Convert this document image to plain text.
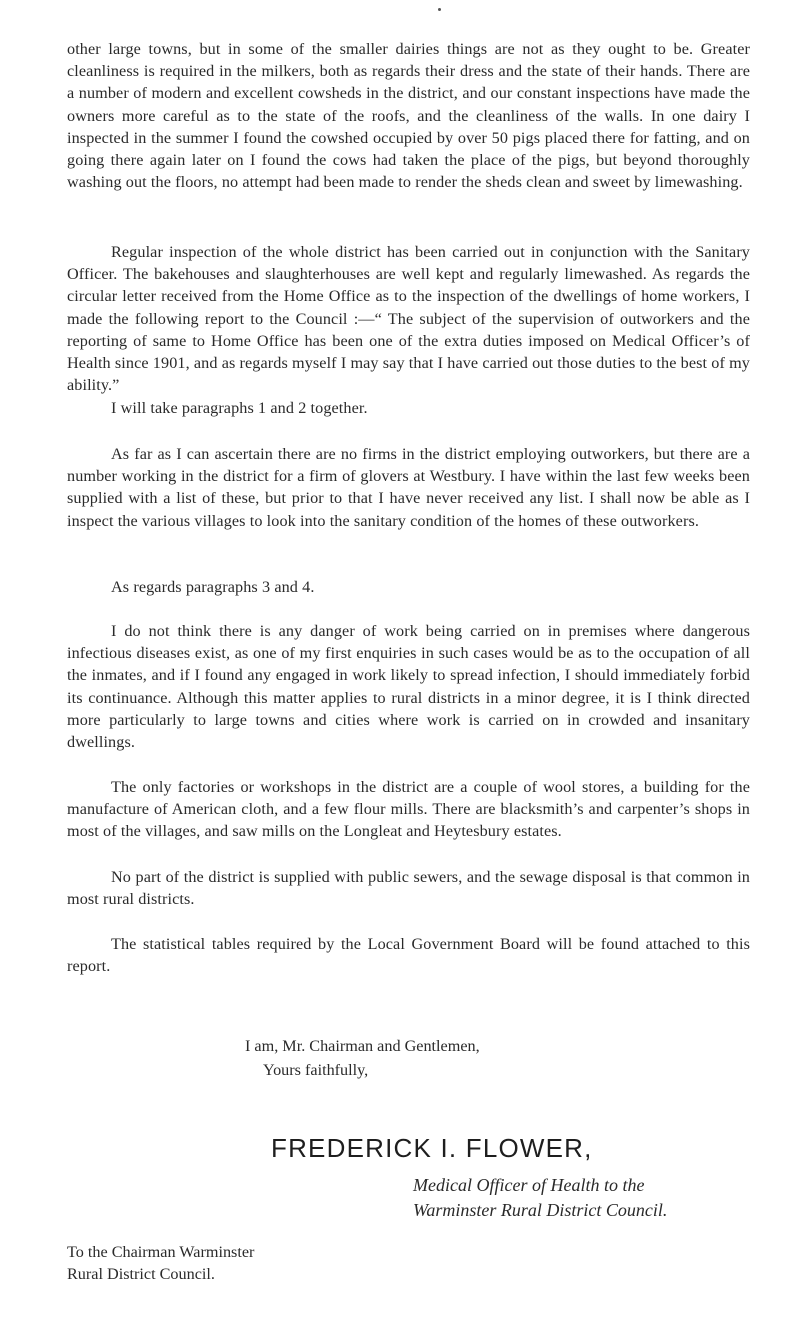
other large towns, but in some of the smaller dairies things are not as they ought to be. Greater cleanliness is required in the milkers, both as regards their dress and the state of their hands. There are a number of modern and excellent cowsheds in the district, and our constant inspections have made the owners more careful as to the state of the roofs, and the cleanliness of the walls. In one dairy I inspected in the summer I found the cowshed occupied by over 50 pigs placed there for fatting, and on going there again later on I found the cows had taken the place of the pigs, but beyond thoroughly washing out the floors, no attempt had been made to render the sheds clean and sweet by limewashing.

Regular inspection of the whole district has been carried out in conjunction with the Sanitary Officer. The bakehouses and slaughterhouses are well kept and regularly limewashed. As regards the circular letter received from the Home Office as to the inspection of the dwellings of home workers, I made the following report to the Council :—“ The subject of the supervision of outworkers and the reporting of same to Home Office has been one of the extra duties imposed on Medical Officer’s of Health since 1901, and as regards myself I may say that I have carried out those duties to the best of my ability.”

I will take paragraphs 1 and 2 together.

As far as I can ascertain there are no firms in the district employing outworkers, but there are a number working in the district for a firm of glovers at Westbury. I have within the last few weeks been supplied with a list of these, but prior to that I have never received any list. I shall now be able as I inspect the various villages to look into the sanitary condition of the homes of these outworkers.

As regards paragraphs 3 and 4.

I do not think there is any danger of work being carried on in premises where dangerous infectious diseases exist, as one of my first enquiries in such cases would be as to the occupation of all the inmates, and if I found any engaged in work likely to spread infection, I should immediately forbid its continuance. Although this matter applies to rural districts in a minor degree, it is I think directed more particularly to large towns and cities where work is carried on in crowded and insanitary dwellings.

The only factories or workshops in the district are a couple of wool stores, a building for the manufacture of American cloth, and a few flour mills. There are blacksmith’s and carpenter’s shops in most of the villages, and saw mills on the Longleat and Heytesbury estates.

No part of the district is supplied with public sewers, and the sewage disposal is that common in most rural districts.

The statistical tables required by the Local Government Board will be found attached to this report.

I am, Mr. Chairman and Gentlemen,

Yours faithfully,

FREDERICK I. FLOWER,

Medical Officer of Health to the

Warminster Rural District Council.

To the Chairman Warminster
Rural District Council.
